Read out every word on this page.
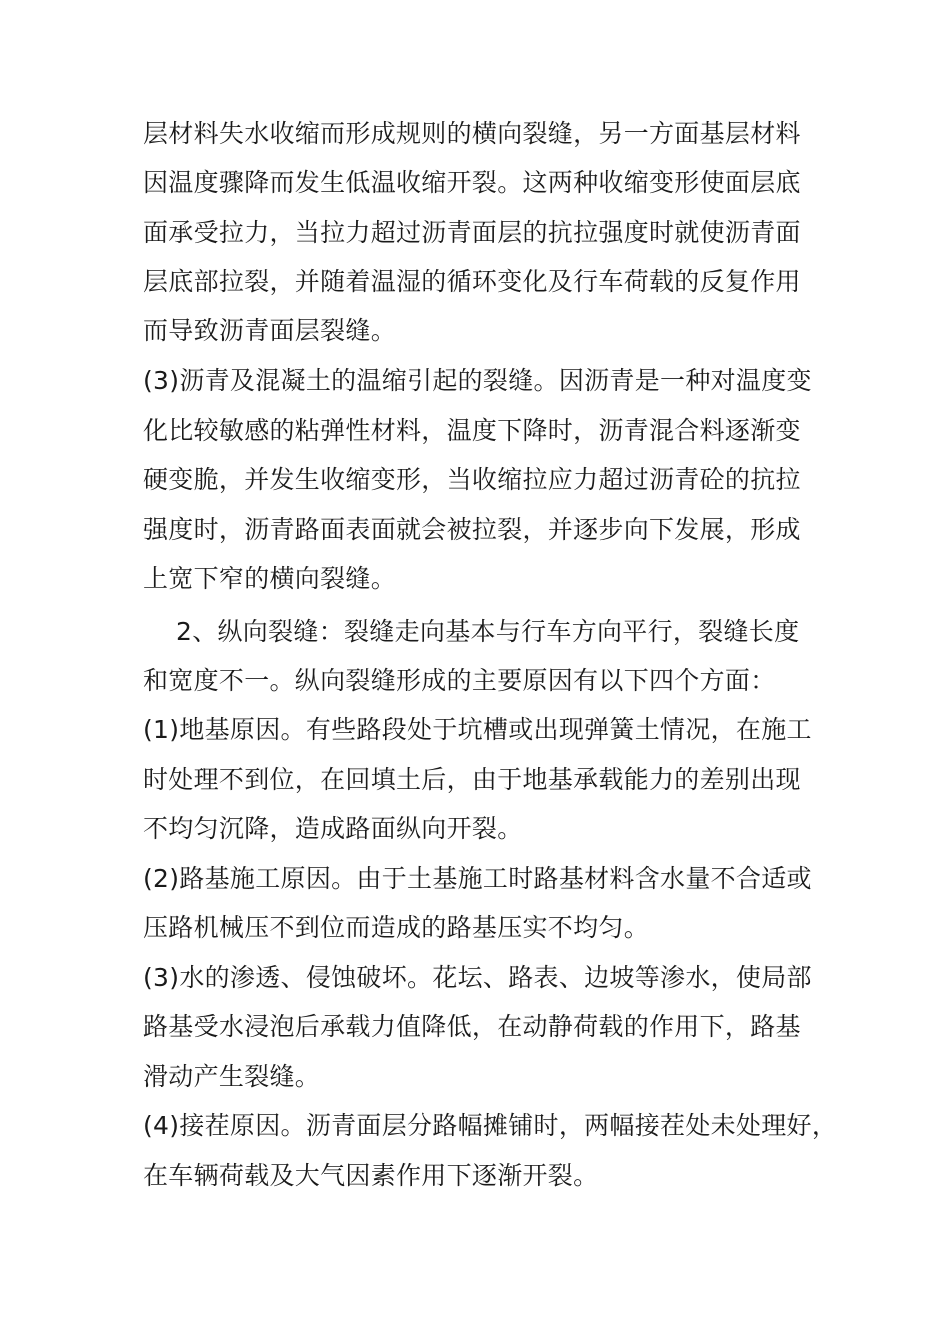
层材料失水收缩而形成规则的横向裂缝，另一方面基层材料
因温度骤降而发生低温收缩开裂。这两种收缩变形使面层底
面承受拉力，当拉力超过沥青面层的抗拉强度时就使沥青面
层底部拉裂，并随着温湿的循环变化及行车荷载的反复作用
而导致沥青面层裂缝。
(3)沥青及混凝土的温缩引起的裂缝。因沥青是一种对温度变
化比较敏感的粘弹性材料，温度下降时，沥青混合料逐渐变
硬变脆，并发生收缩变形，当收缩拉应力超过沥青砼的抗拉
强度时，沥青路面表面就会被拉裂，并逐步向下发展，形成
上宽下窄的横向裂缝。
2、纵向裂缝：裂缝走向基本与行车方向平行，裂缝长度
和宽度不一。纵向裂缝形成的主要原因有以下四个方面：
(1)地基原因。有些路段处于坑槽或出现弹簧土情况，在施工
时处理不到位，在回填土后，由于地基承载能力的差别出现
不均匀沉降，造成路面纵向开裂。
(2)路基施工原因。由于土基施工时路基材料含水量不合适或
压路机械压不到位而造成的路基压实不均匀。
(3)水的渗透、侵蚀破坏。花坛、路表、边坡等渗水，使局部
路基受水浸泡后承载力值降低，在动静荷载的作用下，路基
滑动产生裂缝。
(4)接茬原因。沥青面层分路幅摊铺时，两幅接茬处未处理好，
在车辆荷载及大气因素作用下逐渐开裂。
